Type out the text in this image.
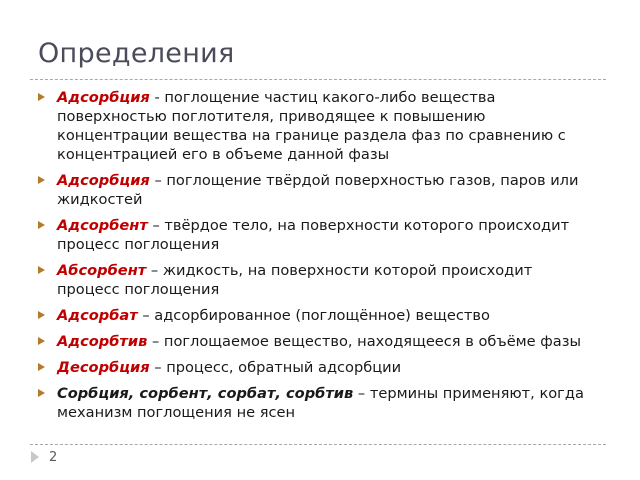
Определения
Адсорбция - поглощение частиц какого-либо вещества поверхностью поглотителя, приводящее к повышению концентрации вещества на границе раздела фаз по сравнению с концентрацией его в объеме данной фазы
Адсорбция – поглощение твёрдой поверхностью газов, паров или жидкостей
Адсорбент – твёрдое тело, на поверхности которого происходит процесс поглощения
Абсорбент – жидкость, на поверхности которой происходит процесс поглощения
Адсорбат – адсорбированное (поглощённое) вещество
Адсорбтив – поглощаемое вещество, находящееся в объёме фазы
Десорбция – процесс, обратный адсорбции
Сорбция, сорбент, сорбат, сорбтив – термины применяют, когда механизм поглощения не ясен
2
